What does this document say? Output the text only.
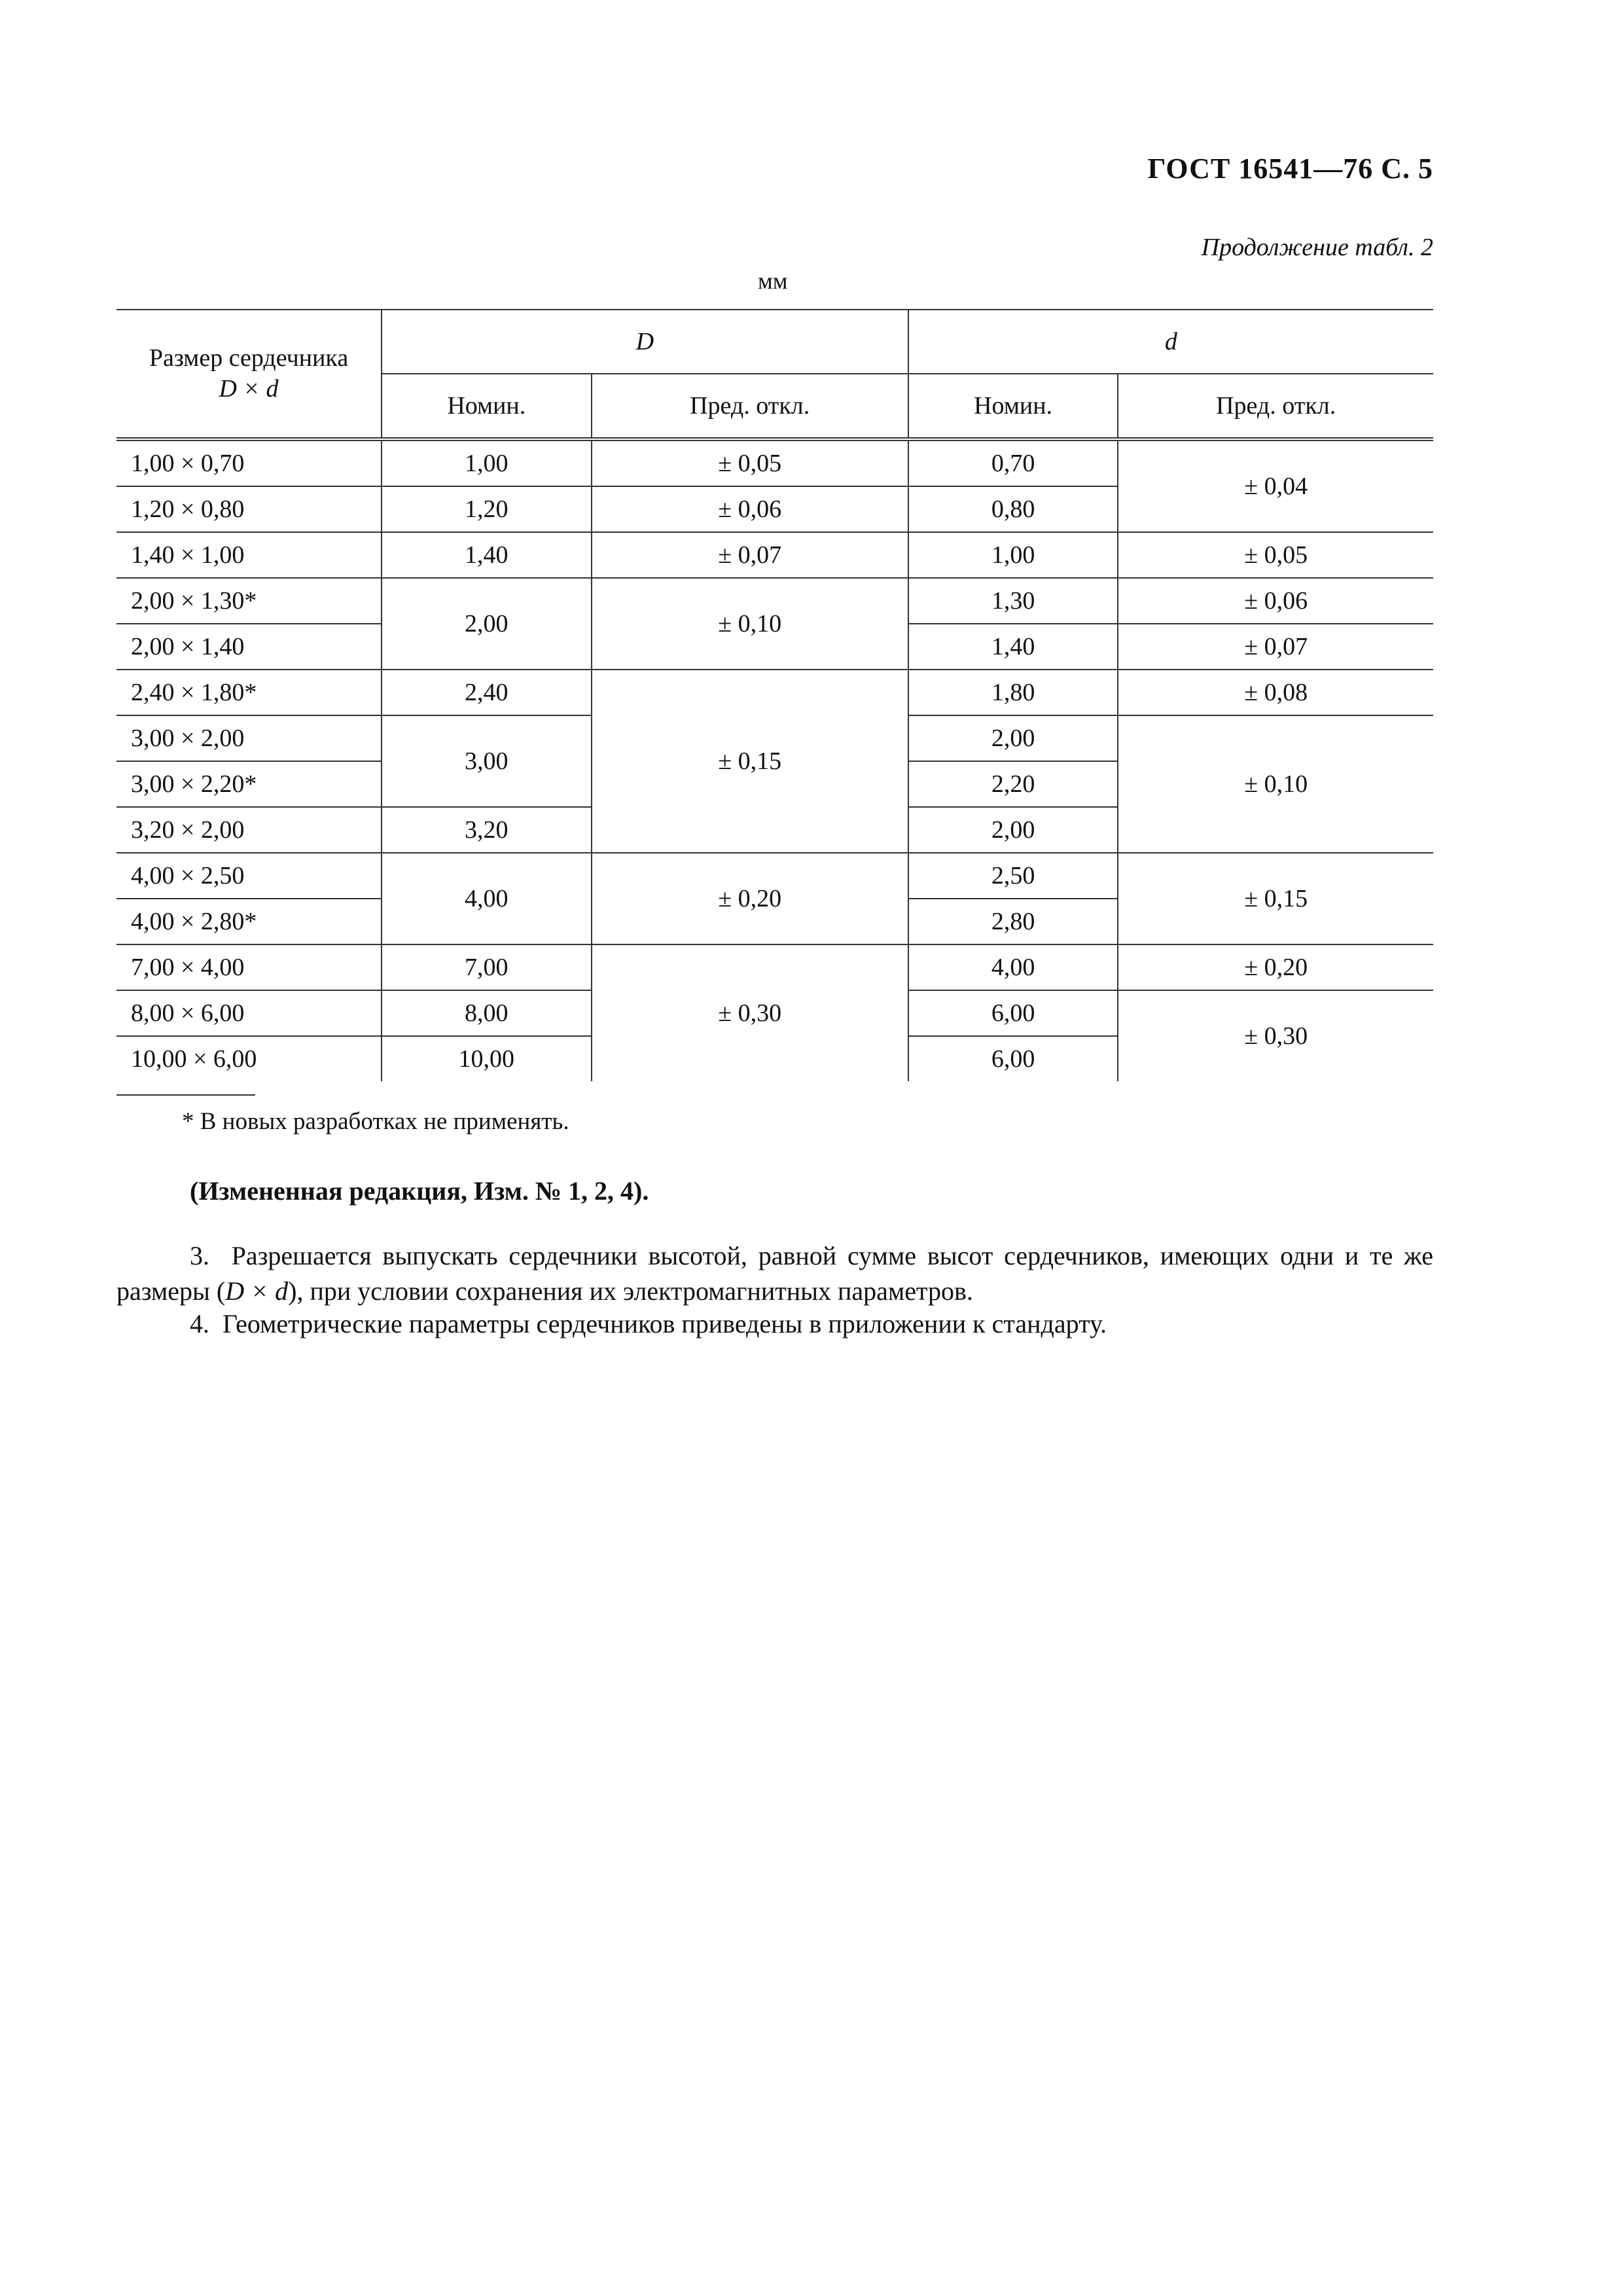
ГОСТ 16541—76 С. 5
Продолжение табл. 2
мм
Размер сердечника
D × d	D		d	
	Номин.	Пред. откл.	Номин.	Пред. откл.
1,00 × 0,70	1,00	± 0,05	0,70	± 0,04
1,20 × 0,80	1,20	± 0,06	0,80	
1,40 × 1,00	1,40	± 0,07	1,00	± 0,05
2,00 × 1,30*	2,00	± 0,10	1,30	± 0,06
2,00 × 1,40			1,40	± 0,07
2,40 × 1,80*	2,40	± 0,15	1,80	± 0,08
3,00 × 2,00	3,00		2,00	± 0,10
3,00 × 2,20*			2,20	
3,20 × 2,00	3,20		2,00	
4,00 × 2,50	4,00	± 0,20	2,50	± 0,15
4,00 × 2,80*			2,80	
7,00 × 4,00	7,00	± 0,30	4,00	± 0,20
8,00 × 6,00	8,00		6,00	± 0,30
10,00 × 6,00	10,00		6,00	
* В новых разработках не применять.
(Измененная редакция, Изм. № 1, 2, 4).
3. Разрешается выпускать сердечники высотой, равной сумме высот сердечников, имеющих одни и те же размеры (D × d), при условии сохранения их электромагнитных параметров.
4. Геометрические параметры сердечников приведены в приложении к стандарту.
